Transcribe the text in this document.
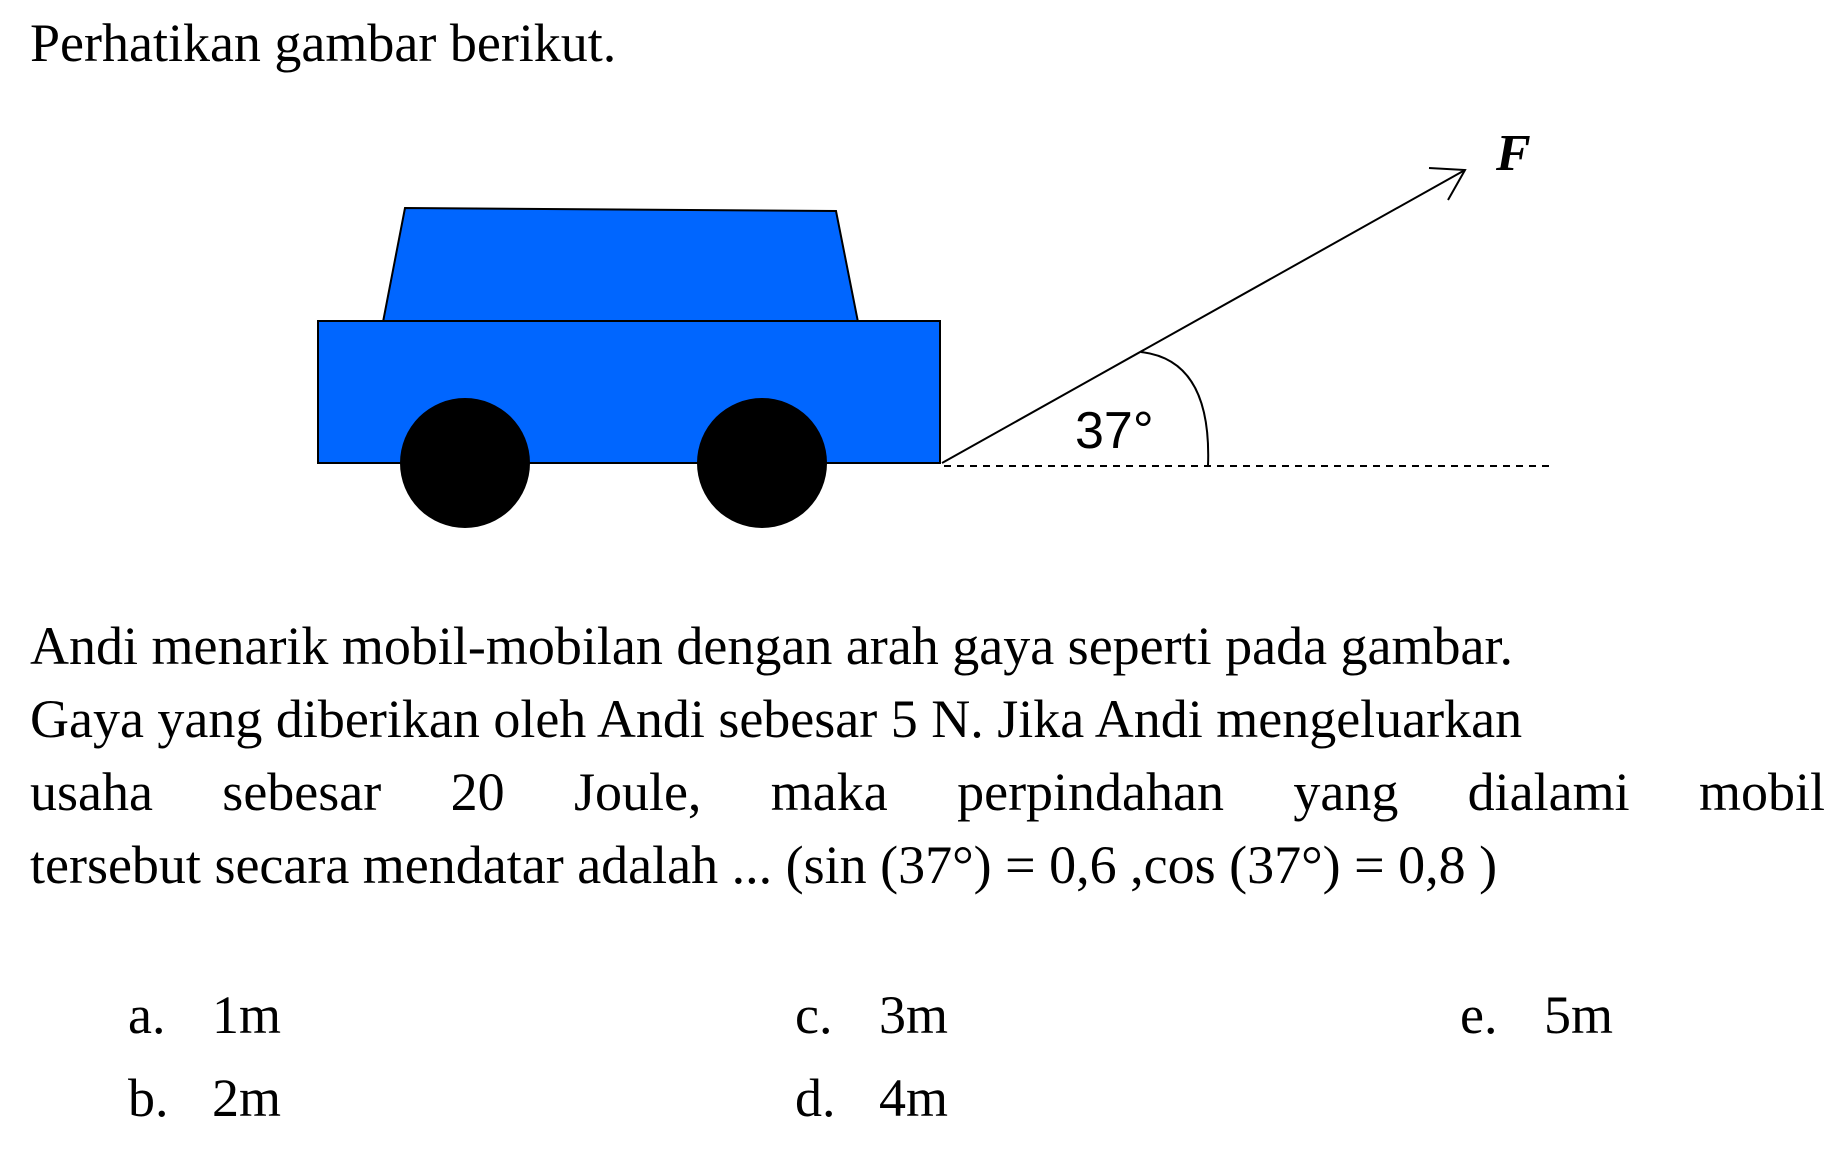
Perhatikan gambar berikut.
F
37°

Andi menarik mobil-mobilan dengan arah gaya seperti pada gambar.
Gaya yang diberikan oleh Andi sebesar 5 N. Jika Andi mengeluarkan
usaha sebesar 20 Joule, maka perpindahan yang dialami mobil
tersebut secara mendatar adalah ... (sin (37°) = 0,6 ,cos (37°) = 0,8 )

a. 1m
b. 2m
c. 3m
d. 4m
e. 5m
